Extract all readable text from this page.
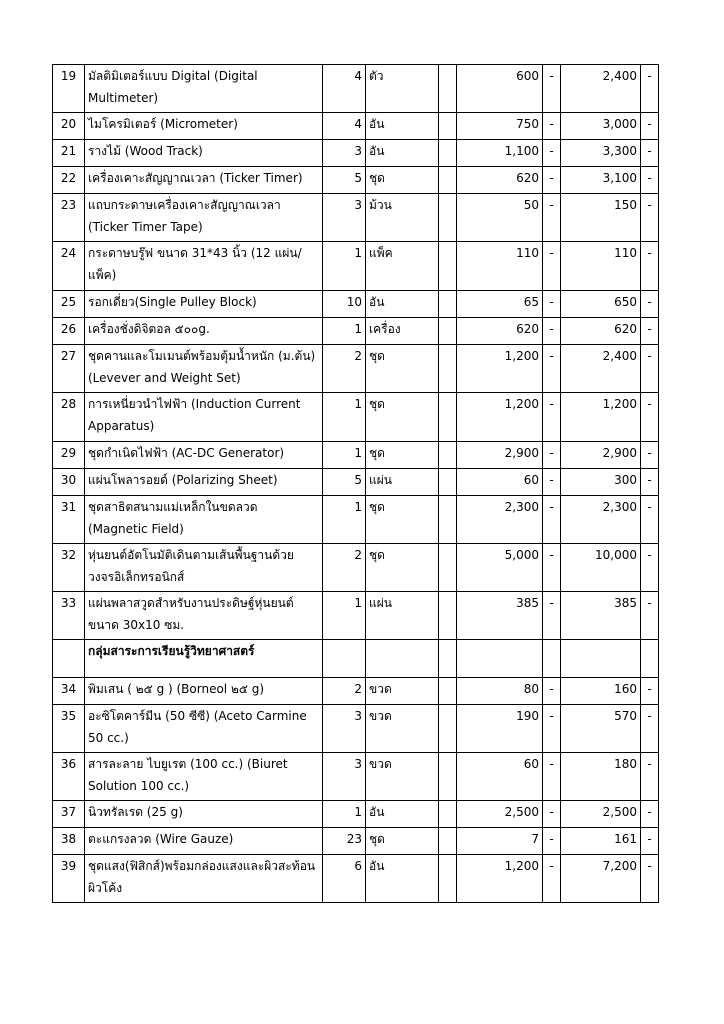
19	มัลติมิเตอร์แบบ Digital (Digital Multimeter)	4	ตัว		600	-	2,400	-
20	ไมโครมิเตอร์ (Micrometer)	4	อัน		750	-	3,000	-
21	รางไม้ (Wood Track)	3	อัน		1,100	-	3,300	-
22	เครื่องเคาะสัญญาณเวลา (Ticker Timer)	5	ชุด		620	-	3,100	-
23	แถบกระดาษเครื่องเคาะสัญญาณเวลา (Ticker Timer Tape)	3	ม้วน		50	-	150	-
24	กระดาษบรู๊ฟ ขนาด 31*43 นิ้ว (12 แผ่น/แพ็ค)	1	แพ็ค		110	-	110	-
25	รอกเดี่ยว(Single Pulley Block)	10	อัน		65	-	650	-
26	เครื่องชั่งดิจิตอล ๕๐๐g.	1	เครื่อง		620	-	620	-
27	ชุดคานและโมเมนต์พร้อมตุ้มน้ำหนัก (ม.ต้น) (Levever and Weight Set)	2	ชุด		1,200	-	2,400	-
28	การเหนี่ยวนำไฟฟ้า (Induction Current Apparatus)	1	ชุด		1,200	-	1,200	-
29	ชุดกำเนิดไฟฟ้า (AC-DC Generator)	1	ชุด		2,900	-	2,900	-
30	แผ่นโพลารอยด์ (Polarizing Sheet)	5	แผ่น		60	-	300	-
31	ชุดสาธิตสนามแม่เหล็กในขดลวด (Magnetic Field)	1	ชุด		2,300	-	2,300	-
32	หุ่นยนต์อัตโนมัติเดินตามเส้นพื้นฐานด้วยวงจรอิเล็กทรอนิกส์	2	ชุด		5,000	-	10,000	-
33	แผ่นพลาสวูดสำหรับงานประดิษฐ์หุ่นยนต์ ขนาด 30x10 ซม.	1	แผ่น		385	-	385	-
	กลุ่มสาระการเรียนรู้วิทยาศาสตร์							
34	พิมเสน ( ๒๕ g ) (Borneol ๒๕ g)	2	ขวด		80	-	160	-
35	อะซิโตคาร์มีน (50 ซีซี) (Aceto Carmine 50 cc.)	3	ขวด		190	-	570	-
36	สารละลาย ไบยูเรต (100 cc.) (Biuret Solution 100 cc.)	3	ขวด		60	-	180	-
37	นิวทรัลเรด (25 g)	1	อัน		2,500	-	2,500	-
38	ตะแกรงลวด (Wire Gauze)	23	ชุด		7	-	161	-
39	ชุดแสง(ฟิสิกส์)พร้อมกล่องแสงและผิวสะท้อนผิวโค้ง	6	อัน		1,200	-	7,200	-
